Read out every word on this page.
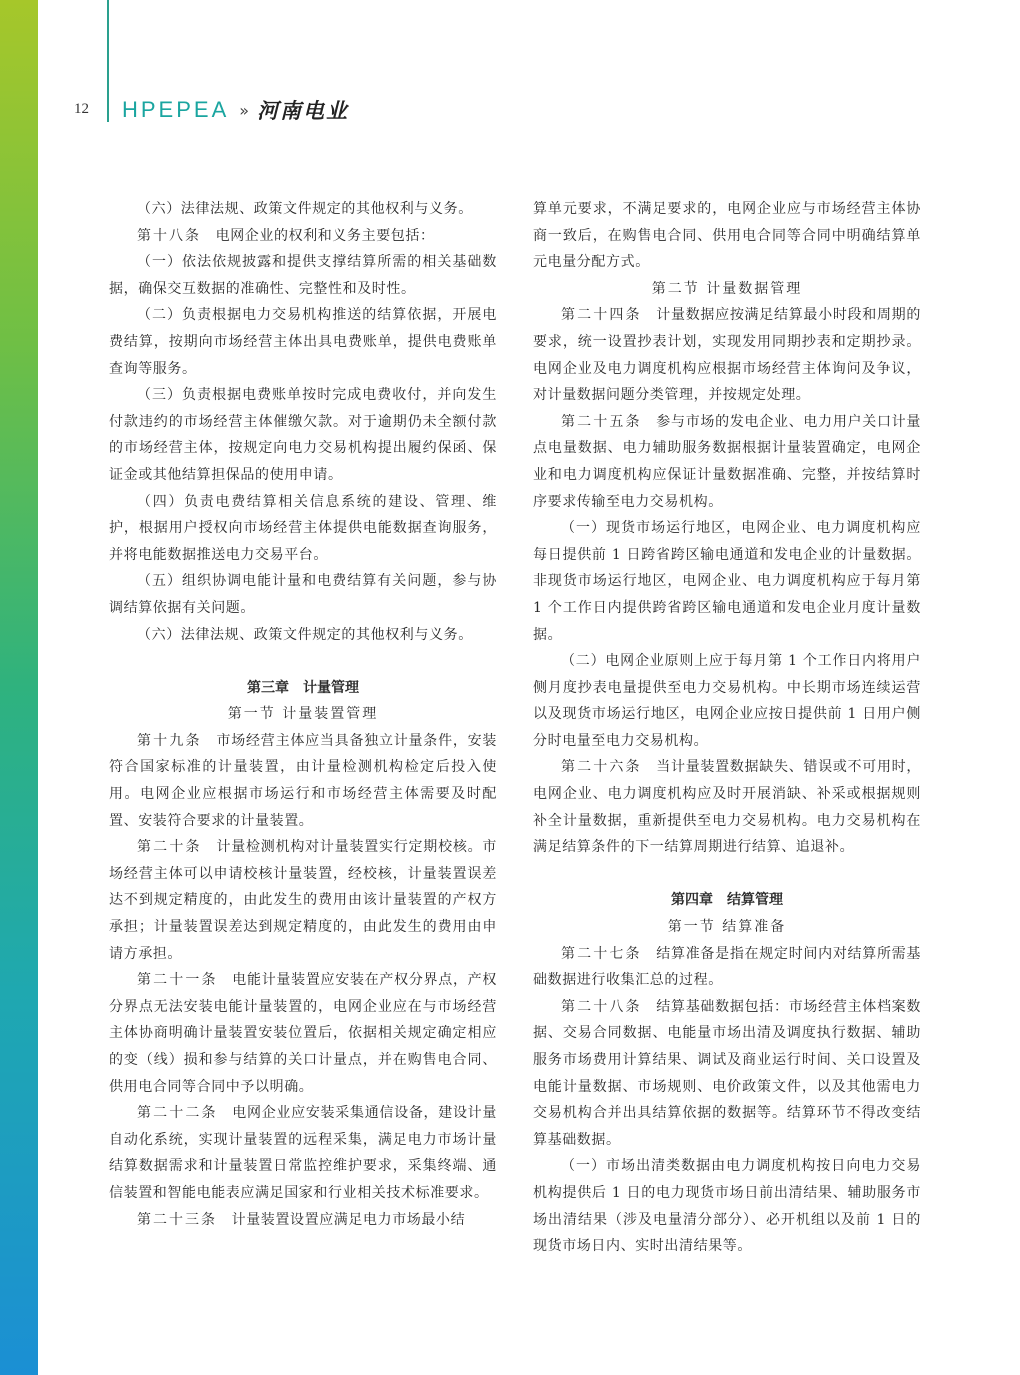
12 HPEPEA » 河南电业

（六）法律法规、政策文件规定的其他权利与义务。

第十八条　 电网企业的权利和义务主要包括：

（一）依法依规披露和提供支撑结算所需的相关基础数据，确保交互数据的准确性、完整性和及时性。

（二）负责根据电力交易机构推送的结算依据，开展电费结算，按期向市场经营主体出具电费账单，提供电费账单查询等服务。

（三）负责根据电费账单按时完成电费收付，并向发生付款违约的市场经营主体催缴欠款。对于逾期仍未全额付款的市场经营主体，按规定向电力交易机构提出履约保函、保证金或其他结算担保品的使用申请。

（四）负责电费结算相关信息系统的建设、管理、维护，根据用户授权向市场经营主体提供电能数据查询服务，并将电能数据推送电力交易平台。

（五）组织协调电能计量和电费结算有关问题，参与协调结算依据有关问题。

（六）法律法规、政策文件规定的其他权利与义务。

第三章　计量管理

第一节 计量装置管理

第十九条　 市场经营主体应当具备独立计量条件，安装符合国家标准的计量装置，由计量检测机构检定后投入使用。电网企业应根据市场运行和市场经营主体需要及时配置、安装符合要求的计量装置。

第二十条　 计量检测机构对计量装置实行定期校核。市场经营主体可以申请校核计量装置，经校核，计量装置误差达不到规定精度的，由此发生的费用由该计量装置的产权方承担；计量装置误差达到规定精度的，由此发生的费用由申请方承担。

第二十一条　 电能计量装置应安装在产权分界点，产权分界点无法安装电能计量装置的，电网企业应在与市场经营主体协商明确计量装置安装位置后，依据相关规定确定相应的变（线）损和参与结算的关口计量点，并在购售电合同、供用电合同等合同中予以明确。

第二十二条　 电网企业应安装采集通信设备，建设计量自动化系统，实现计量装置的远程采集，满足电力市场计量结算数据需求和计量装置日常监控维护要求，采集终端、通信装置和智能电能表应满足国家和行业相关技术标准要求。

第二十三条　 计量装置设置应满足电力市场最小结

算单元要求，不满足要求的，电网企业应与市场经营主体协商一致后，在购售电合同、供用电合同等合同中明确结算单元电量分配方式。

第二节 计量数据管理

第二十四条　 计量数据应按满足结算最小时段和周期的要求，统一设置抄表计划，实现发用同期抄表和定期抄录。电网企业及电力调度机构应根据市场经营主体询问及争议，对计量数据问题分类管理，并按规定处理。

第二十五条　 参与市场的发电企业、电力用户关口计量点电量数据、电力辅助服务数据根据计量装置确定，电网企业和电力调度机构应保证计量数据准确、完整，并按结算时序要求传输至电力交易机构。

（一）现货市场运行地区，电网企业、电力调度机构应每日提供前 1 日跨省跨区输电通道和发电企业的计量数据。非现货市场运行地区，电网企业、电力调度机构应于每月第 1 个工作日内提供跨省跨区输电通道和发电企业月度计量数据。

（二）电网企业原则上应于每月第 1 个工作日内将用户侧月度抄表电量提供至电力交易机构。中长期市场连续运营以及现货市场运行地区，电网企业应按日提供前 1 日用户侧分时电量至电力交易机构。

第二十六条　 当计量装置数据缺失、错误或不可用时，电网企业、电力调度机构应及时开展消缺、补采或根据规则补全计量数据，重新提供至电力交易机构。电力交易机构在满足结算条件的下一结算周期进行结算、追退补。

第四章　结算管理

第一节 结算准备

第二十七条　 结算准备是指在规定时间内对结算所需基础数据进行收集汇总的过程。

第二十八条　 结算基础数据包括：市场经营主体档案数据、交易合同数据、电能量市场出清及调度执行数据、辅助服务市场费用计算结果、调试及商业运行时间、关口设置及电能计量数据、市场规则、电价政策文件，以及其他需电力交易机构合并出具结算依据的数据等。结算环节不得改变结算基础数据。

（一）市场出清类数据由电力调度机构按日向电力交易机构提供后 1 日的电力现货市场日前出清结果、辅助服务市场出清结果（涉及电量清分部分）、必开机组以及前 1 日的现货市场日内、实时出清结果等。
